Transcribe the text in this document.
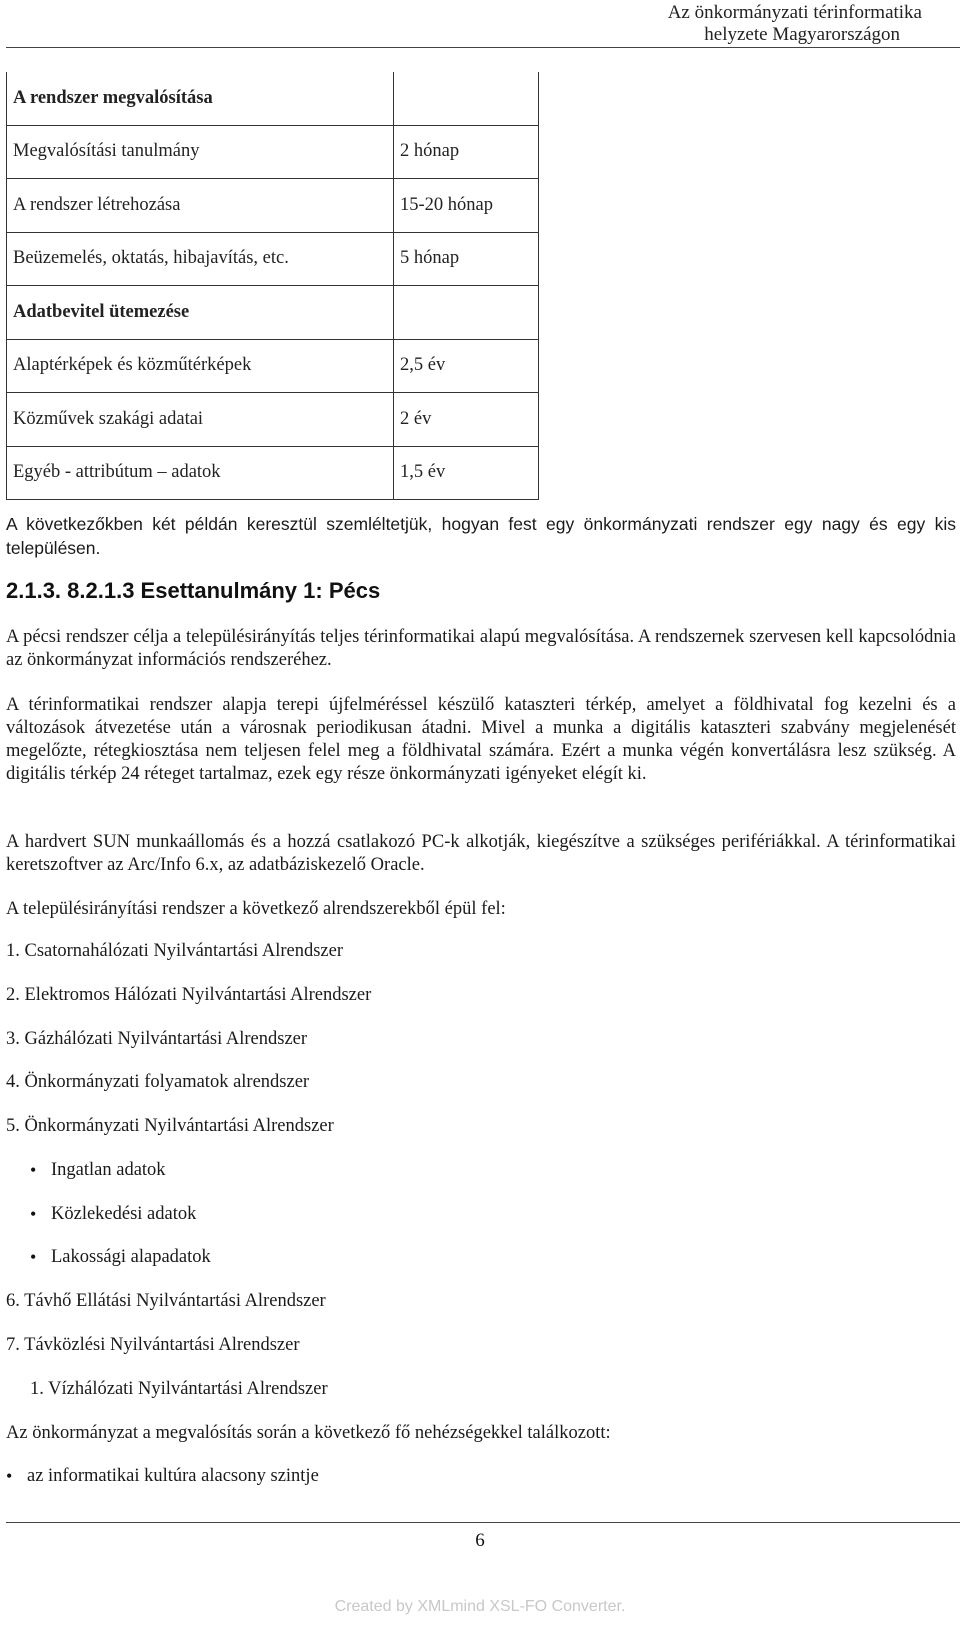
Az önkormányzati térinformatika
helyzete Magyarországon
A rendszer megvalósítása
Megvalósítási tanulmány	2 hónap
A rendszer létrehozása	15-20 hónap
Beüzemelés, oktatás, hibajavítás, etc.	5 hónap
Adatbevitel ütemezése
Alaptérképek és közműtérképek	2,5 év
Közművek szakági adatai	2 év
Egyéb - attribútum – adatok	1,5 év
A következőkben két példán keresztül szemléltetjük, hogyan fest egy önkormányzati rendszer egy nagy és egy kis településen.
2.1.3. 8.2.1.3 Esettanulmány 1: Pécs
A pécsi rendszer célja a településirányítás teljes térinformatikai alapú megvalósítása. A rendszernek szervesen kell kapcsolódnia az önkormányzat információs rendszeréhez.
A térinformatikai rendszer alapja terepi újfelméréssel készülő kataszteri térkép, amelyet a földhivatal fog kezelni és a változások átvezetése után a városnak periodikusan átadni. Mivel a munka a digitális kataszteri szabvány megjelenését megelőzte, rétegkiosztása nem teljesen felel meg a földhivatal számára. Ezért a munka végén konvertálásra lesz szükség. A digitális térkép 24 réteget tartalmaz, ezek egy része önkormányzati igényeket elégít ki.
A hardvert SUN munkaállomás és a hozzá csatlakozó PC-k alkotják, kiegészítve a szükséges perifériákkal. A térinformatikai keretszoftver az Arc/Info 6.x, az adatbáziskezelő Oracle.
A településirányítási rendszer a következő alrendszerekből épül fel:
1. Csatornahálózati Nyilvántartási Alrendszer
2. Elektromos Hálózati Nyilvántartási Alrendszer
3. Gázhálózati Nyilvántartási Alrendszer
4. Önkormányzati folyamatok alrendszer
5. Önkormányzati Nyilvántartási Alrendszer
• Ingatlan adatok
• Közlekedési adatok
• Lakossági alapadatok
6. Távhő Ellátási Nyilvántartási Alrendszer
7. Távközlési Nyilvántartási Alrendszer
1. Vízhálózati Nyilvántartási Alrendszer
Az önkormányzat a megvalósítás során a következő fő nehézségekkel találkozott:
• az informatikai kultúra alacsony szintje
6
Created by XMLmind XSL-FO Converter.
